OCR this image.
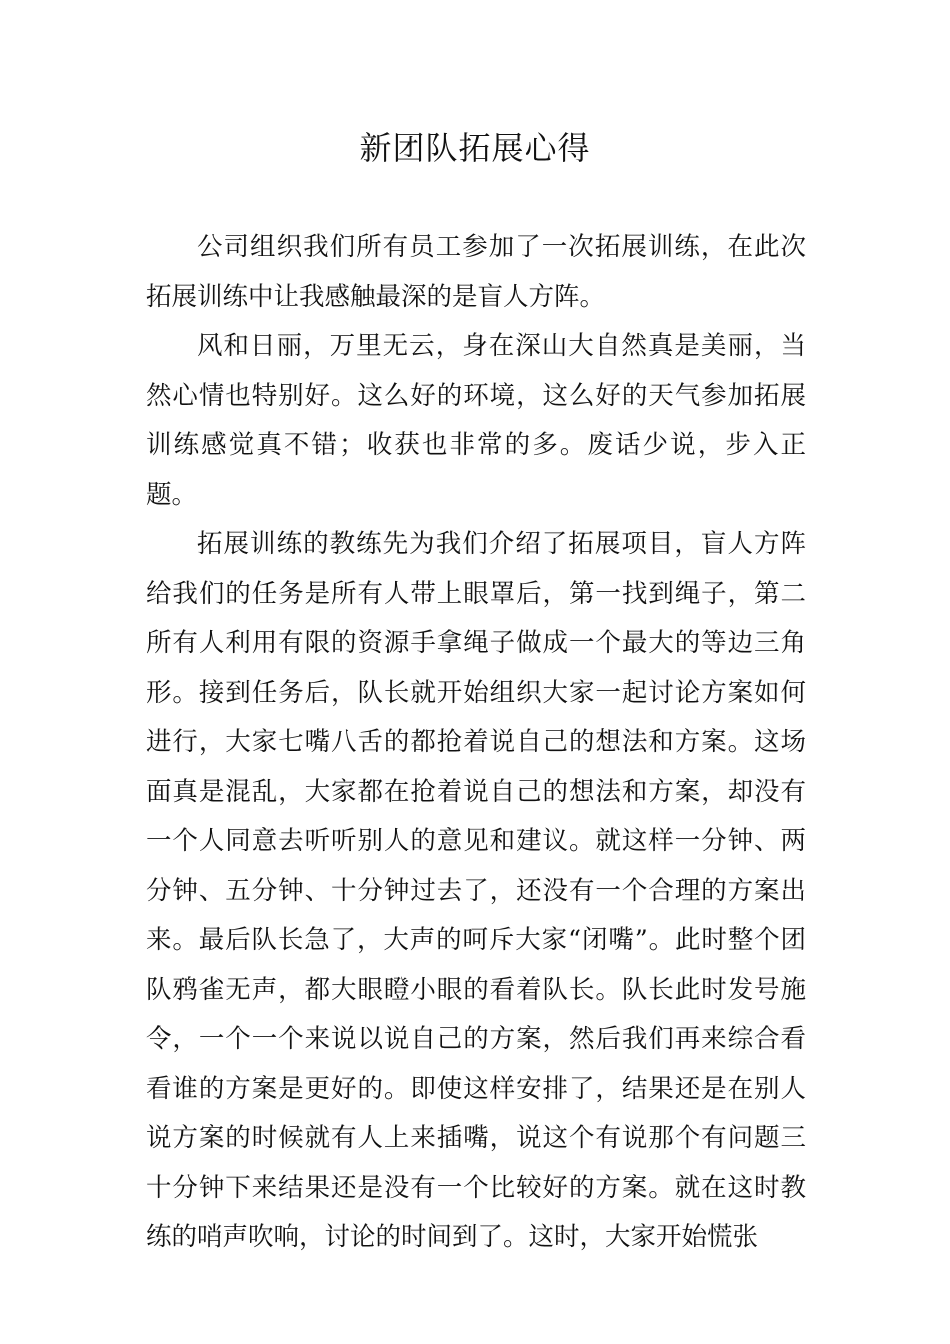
新团队拓展心得

公司组织我们所有员工参加了一次拓展训练，在此次拓展训练中让我感触最深的是盲人方阵。

风和日丽，万里无云，身在深山大自然真是美丽，当然心情也特别好。这么好的环境，这么好的天气参加拓展训练感觉真不错；收获也非常的多。废话少说，步入正题。

拓展训练的教练先为我们介绍了拓展项目，盲人方阵给我们的任务是所有人带上眼罩后，第一找到绳子，第二所有人利用有限的资源手拿绳子做成一个最大的等边三角形。接到任务后，队长就开始组织大家一起讨论方案如何进行，大家七嘴八舌的都抢着说自己的想法和方案。这场面真是混乱，大家都在抢着说自己的想法和方案，却没有一个人同意去听听别人的意见和建议。就这样一分钟、两分钟、五分钟、十分钟过去了，还没有一个合理的方案出来。最后队长急了，大声的呵斥大家“闭嘴”。此时整个团队鸦雀无声，都大眼瞪小眼的看着队长。队长此时发号施令，一个一个来说以说自己的方案，然后我们再来综合看看谁的方案是更好的。即使这样安排了，结果还是在别人说方案的时候就有人上来插嘴，说这个有说那个有问题三十分钟下来结果还是没有一个比较好的方案。就在这时教练的哨声吹响，讨论的时间到了。这时，大家开始慌张
